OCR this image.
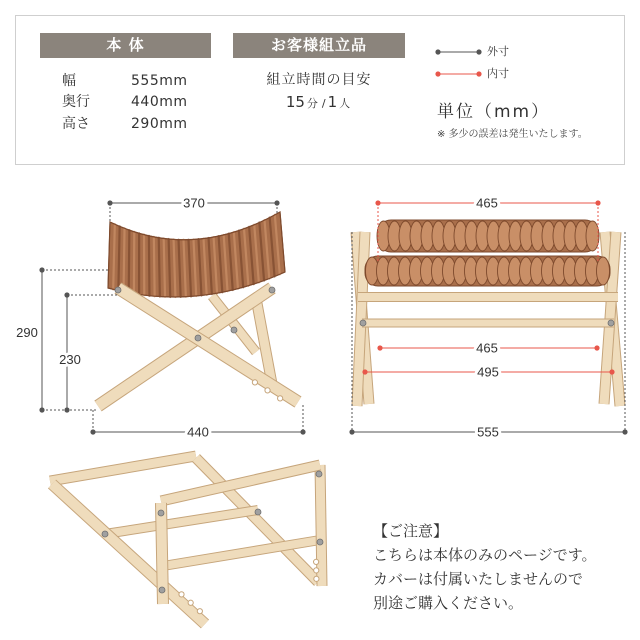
370
290
230
440
465
465
495
555
本 体	お客様組立品
幅	555mm
奥行	440mm
高さ	290mm
組立時間の目安
15 分 / 1 人
外寸
内寸
単位（mm）
※ 多少の誤差は発生いたします。
【ご注意】
こちらは本体のみのページです。
カバーは付属いたしませんので
別途ご購入ください。
